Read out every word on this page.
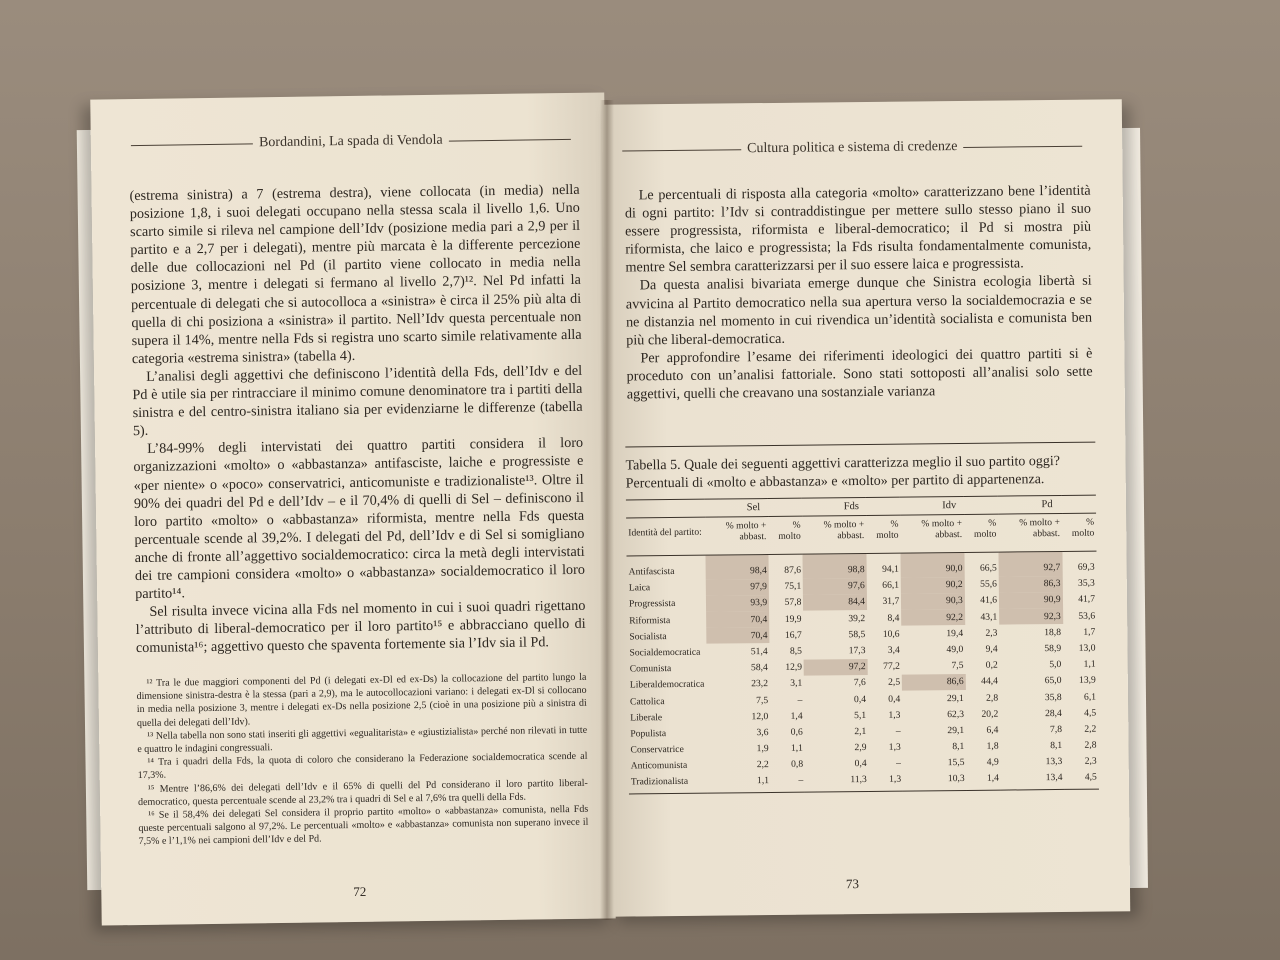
Bordandini, La spada di Vendola

(estrema sinistra) a 7 (estrema destra), viene collocata (in media) nella posizione 1,8, i suoi delegati occupano nella stessa scala il livello 1,6. Uno scarto simile si rileva nel campione dell’Idv (posizione media pari a 2,9 per il partito e a 2,7 per i delegati), mentre più marcata è la differente percezione delle due collocazioni nel Pd (il partito viene collocato in media nella posizione 3, mentre i delegati si fermano al livello 2,7)¹². Nel Pd infatti la percentuale di delegati che si autocolloca a «sinistra» è circa il 25% più alta di quella di chi posiziona a «sinistra» il partito. Nell’Idv questa percentuale non supera il 14%, mentre nella Fds si registra uno scarto simile relativamente alla categoria «estrema sinistra» (tabella 4).

L’analisi degli aggettivi che definiscono l’identità della Fds, dell’Idv e del Pd è utile sia per rintracciare il minimo comune denominatore tra i partiti della sinistra e del centro-sinistra italiano sia per evidenziarne le differenze (tabella 5).

L’84-99% degli intervistati dei quattro partiti considera il loro organizzazioni «molto» o «abbastanza» antifasciste, laiche e progressiste e «per niente» o «poco» conservatrici, anticomuniste e tradizionaliste¹³. Oltre il 90% dei quadri del Pd e dell’Idv – e il 70,4% di quelli di Sel – definiscono il loro partito «molto» o «abbastanza» riformista, mentre nella Fds questa percentuale scende al 39,2%. I delegati del Pd, dell’Idv e di Sel si somigliano anche di fronte all’aggettivo socialdemocratico: circa la metà degli intervistati dei tre campioni considera «molto» o «abbastanza» socialdemocratico il loro partito¹⁴.

Sel risulta invece vicina alla Fds nel momento in cui i suoi quadri rigettano l’attributo di liberal-democratico per il loro partito¹⁵ e abbracciano quello di comunista¹⁶; aggettivo questo che spaventa fortemente sia l’Idv sia il Pd.

¹² Tra le due maggiori componenti del Pd (i delegati ex-Dl ed ex-Ds) la collocazione del partito lungo la dimensione sinistra-destra è la stessa (pari a 2,9), ma le autocollocazioni variano: i delegati ex-Dl si collocano in media nella posizione 3, mentre i delegati ex-Ds nella posizione 2,5 (cioè in una posizione più a sinistra di quella dei delegati dell’Idv).

¹³ Nella tabella non sono stati inseriti gli aggettivi «egualitarista» e «giustizialista» perché non rilevati in tutte e quattro le indagini congressuali.

¹⁴ Tra i quadri della Fds, la quota di coloro che considerano la Federazione socialdemocratica scende al 17,3%.

¹⁵ Mentre l’86,6% dei delegati dell’Idv e il 65% di quelli del Pd considerano il loro partito liberal-democratico, questa percentuale scende al 23,2% tra i quadri di Sel e al 7,6% tra quelli della Fds.

¹⁶ Se il 58,4% dei delegati Sel considera il proprio partito «molto» o «abbastanza» comunista, nella Fds queste percentuali salgono al 97,2%. Le percentuali «molto» e «abbastanza» comunista non superano invece il 7,5% e l’1,1% nei campioni dell’Idv e del Pd.

72
Cultura politica e sistema di credenze

Le percentuali di risposta alla categoria «molto» caratterizzano bene l’identità di ogni partito: l’Idv si contraddistingue per mettere sullo stesso piano il suo essere progressista, riformista e liberal-democratico; il Pd si mostra più riformista, che laico e progressista; la Fds risulta fondamentalmente comunista, mentre Sel sembra caratterizzarsi per il suo essere laica e progressista.

Da questa analisi bivariata emerge dunque che Sinistra ecologia libertà si avvicina al Partito democratico nella sua apertura verso la socialdemocrazia e se ne distanzia nel momento in cui rivendica un’identità socialista e comunista ben più che liberal-democratica.

Per approfondire l’esame dei riferimenti ideologici dei quattro partiti si è proceduto con un’analisi fattoriale. Sono stati sottoposti all’analisi solo sette aggettivi, quelli che creavano una sostanziale varianza

Tabella 5. Quale dei seguenti aggettivi caratterizza meglio il suo partito oggi? Percentuali di «molto e abbastanza» e «molto» per partito di appartenenza.
	Sel		Fds		Idv		Pd	
Identità del partito:	% molto + abbast.	% molto	% molto + abbast.	% molto	% molto + abbast.	% molto	% molto + abbast.	% molto
Antifascista	98,4	87,6	98,8	94,1	90,0	66,5	92,7	69,3
Laica	97,9	75,1	97,6	66,1	90,2	55,6	86,3	35,3
Progressista	93,9	57,8	84,4	31,7	90,3	41,6	90,9	41,7
Riformista	70,4	19,9	39,2	8,4	92,2	43,1	92,3	53,6
Socialista	70,4	16,7	58,5	10,6	19,4	2,3	18,8	1,7
Socialdemocratica	51,4	8,5	17,3	3,4	49,0	9,4	58,9	13,0
Comunista	58,4	12,9	97,2	77,2	7,5	0,2	5,0	1,1
Liberaldemocratica	23,2	3,1	7,6	2,5	86,6	44,4	65,0	13,9
Cattolica	7,5	–	0,4	0,4	29,1	2,8	35,8	6,1
Liberale	12,0	1,4	5,1	1,3	62,3	20,2	28,4	4,5
Populista	3,6	0,6	2,1	–	29,1	6,4	7,8	2,2
Conservatrice	1,9	1,1	2,9	1,3	8,1	1,8	8,1	2,8
Anticomunista	2,2	0,8	0,4	–	15,5	4,9	13,3	2,3
Tradizionalista	1,1	–	11,3	1,3	10,3	1,4	13,4	4,5
73
